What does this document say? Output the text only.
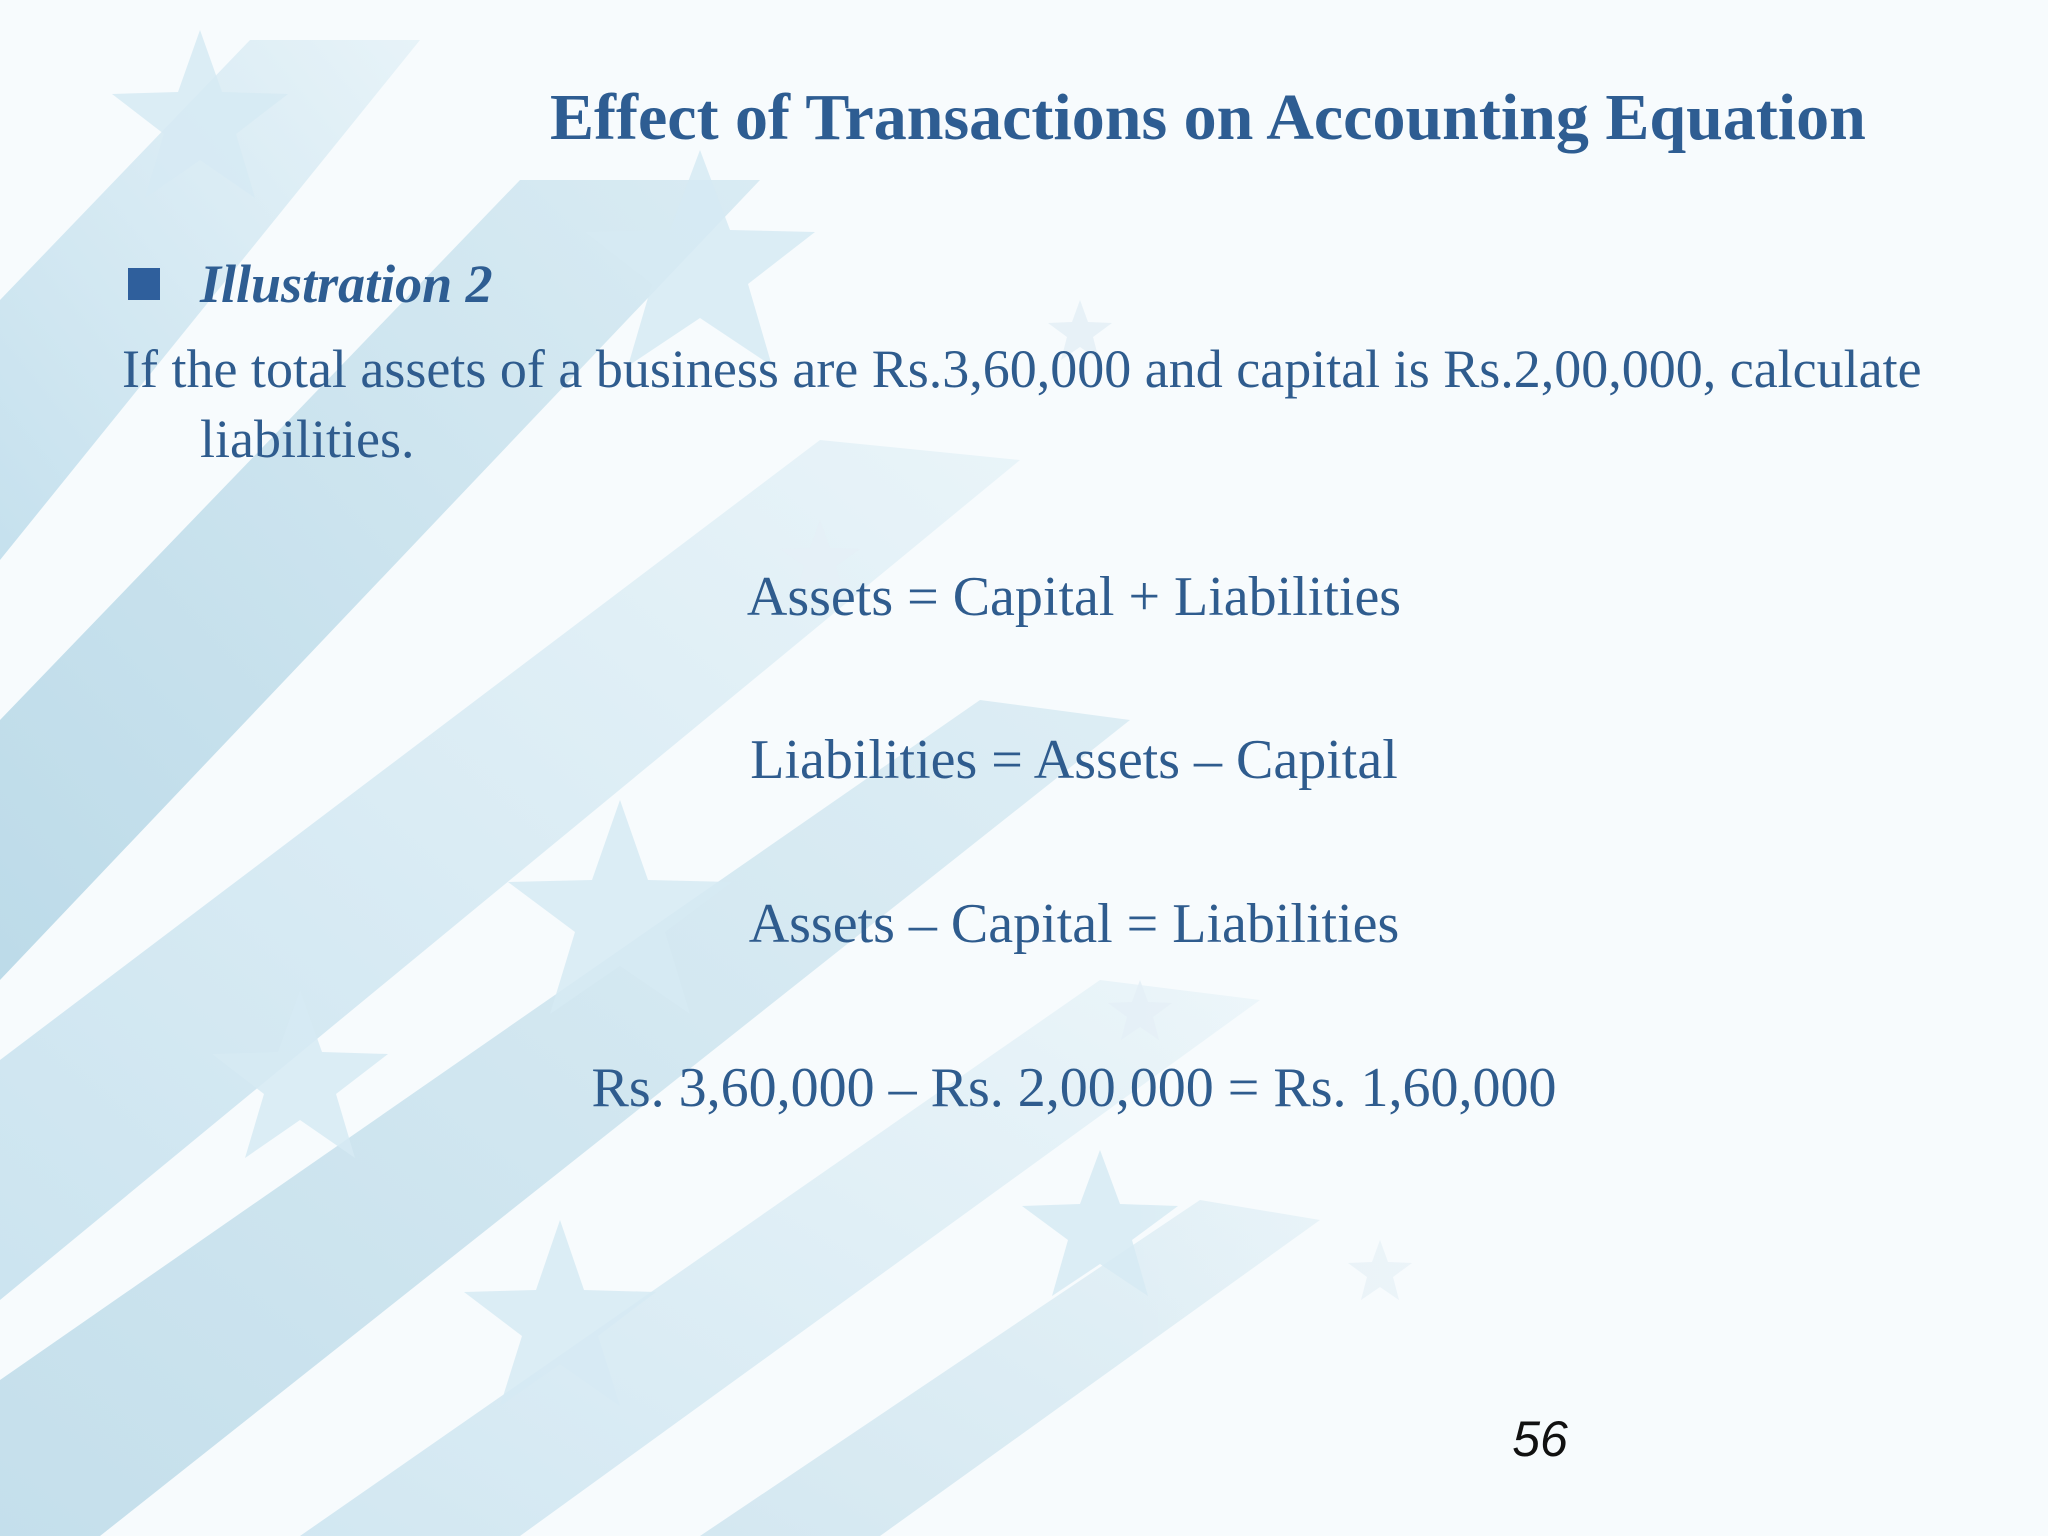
Effect of Transactions on Accounting Equation
Illustration 2

If the total assets of a business are Rs.3,60,000 and capital is Rs.2,00,000, calculate liabilities.

Assets = Capital + Liabilities

Liabilities = Assets – Capital

Assets – Capital = Liabilities

Rs. 3,60,000 – Rs. 2,00,000 = Rs. 1,60,000

56
